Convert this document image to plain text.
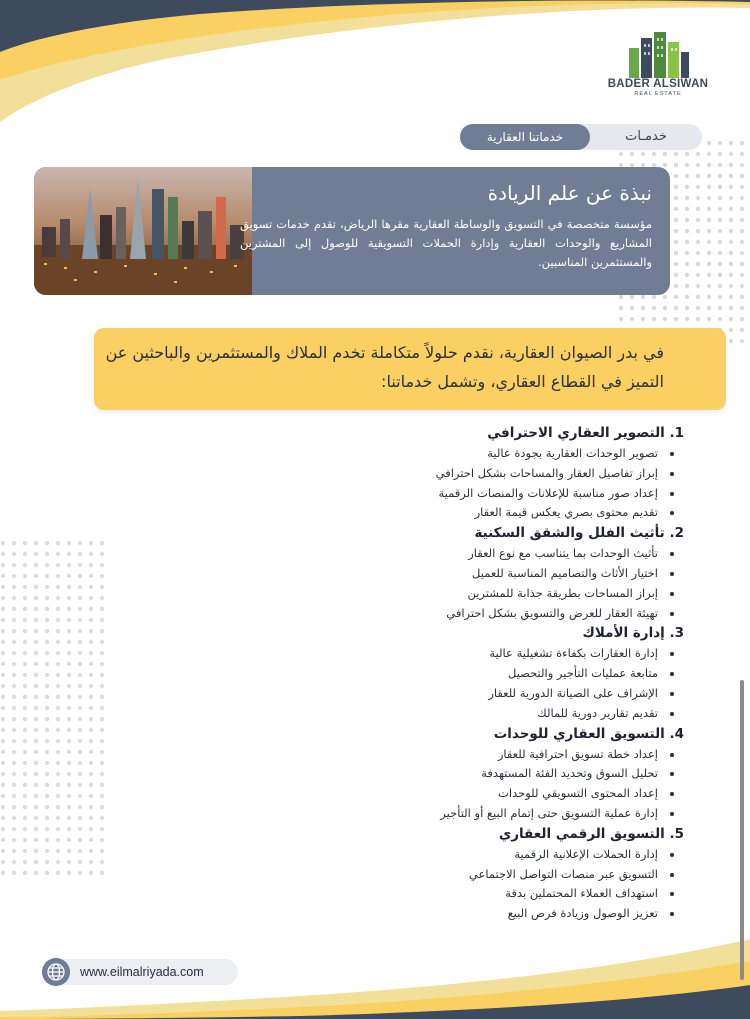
BADER ALSIWAN
REAL ESTATE
خدماتنا العقارية	خدمـات
نبذة عن علم الريادة
مؤسسة متخصصة في التسويق والوساطة العقارية مقرها الرياض، تقدم خدمات تسويق المشاريع والوحدات العقارية وإدارة الحملات التسويقية للوصول إلى المشترين والمستثمرين المناسبين.
في بدر الصيوان العقارية، نقدم حلولاً متكاملة تخدم الملاك والمستثمرين والباحثين عن التميز في القطاع العقاري، وتشمل خدماتنا:
1. التصوير العقاري الاحترافي
تصوير الوحدات العقارية بجودة عالية
إبراز تفاصيل العقار والمساحات بشكل احترافي
إعداد صور مناسبة للإعلانات والمنصات الرقمية
تقديم محتوى بصري يعكس قيمة العقار
2. تأثيث الفلل والشقق السكنية
تأثيث الوحدات بما يتناسب مع نوع العقار
اختيار الأثاث والتصاميم المناسبة للعميل
إبراز المساحات بطريقة جذابة للمشترين
تهيئة العقار للعرض والتسويق بشكل احترافي
3. إدارة الأملاك
إدارة العقارات بكفاءة تشغيلية عالية
متابعة عمليات التأجير والتحصيل
الإشراف على الصيانة الدورية للعقار
تقديم تقارير دورية للمالك
4. التسويق العقاري للوحدات
إعداد خطة تسويق احترافية للعقار
تحليل السوق وتحديد الفئة المستهدفة
إعداد المحتوى التسويقي للوحدات
إدارة عملية التسويق حتى إتمام البيع أو التأجير
5. التسويق الرقمي العقاري
إدارة الحملات الإعلانية الرقمية
التسويق عبر منصات التواصل الاجتماعي
استهداف العملاء المحتملين بدقة
تعزيز الوصول وزيادة فرص البيع
www.eilmalriyada.com
